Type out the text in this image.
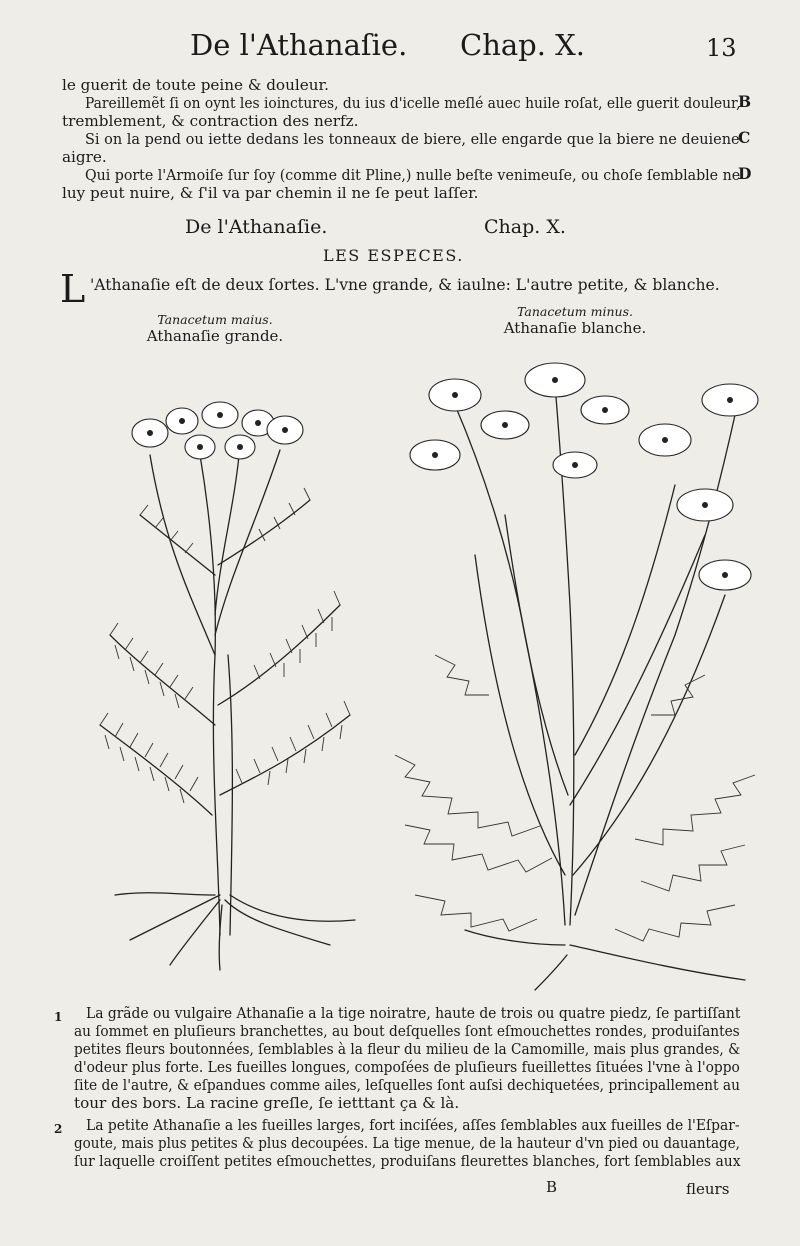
De l'Athanaſie. Chap. X.	13
le guerit de toute peine & douleur.
Pareillemẽt ſi on oynt les ioinctures, du ius d'icelle meſlé auec huile roſat, elle guerit douleur,
tremblement, & contraction des nerfz.
Si on la pend ou iette dedans les tonneaux de biere, elle engarde que la biere ne deuiene
aigre.
Qui porte l'Armoiſe ſur ſoy (comme dit Pline,) nulle beſte venimeuſe, ou choſe ſemblable ne
luy peut nuire, & ſ'il va par chemin il ne ſe peut laſſer.
B
C
D
De l'Athanaſie.	Chap. X.
LES ESPECES.
L 'Athanaſie eſt de deux ſortes. L'vne grande, & iaulne: L'autre petite, & blanche.
Tanacetum maius.
Athanaſie grande.
Tanacetum minus.
Athanaſie blanche.
1 La grãde ou vulgaire Athanaſie a la tige noiratre, haute de trois ou quatre piedz, ſe partiſſant
au ſommet en pluſieurs branchettes, au bout deſquelles ſont eſmouchettes rondes, produiſantes
petites fleurs boutonnées, ſemblables à la fleur du milieu de la Camomille, mais plus grandes, &
d'odeur plus forte. Les fueilles longues, compoſées de pluſieurs fueillettes ſituées l'vne à l'oppo
ſite de l'autre, & eſpandues comme ailes, leſquelles ſont auſsi dechiquetées, principallement au
tour des bors. La racine greſle, ſe ietttant ça & là.
2 La petite Athanaſie a les fueilles larges, fort inciſées, aſſes ſemblables aux fueilles de l'Eſpar-
goute, mais plus petites & plus decoupées. La tige menue, de la hauteur d'vn pied ou dauantage,
ſur laquelle croiſſent petites eſmouchettes, produiſans fleurettes blanches, fort ſemblables aux
B	fleurs
